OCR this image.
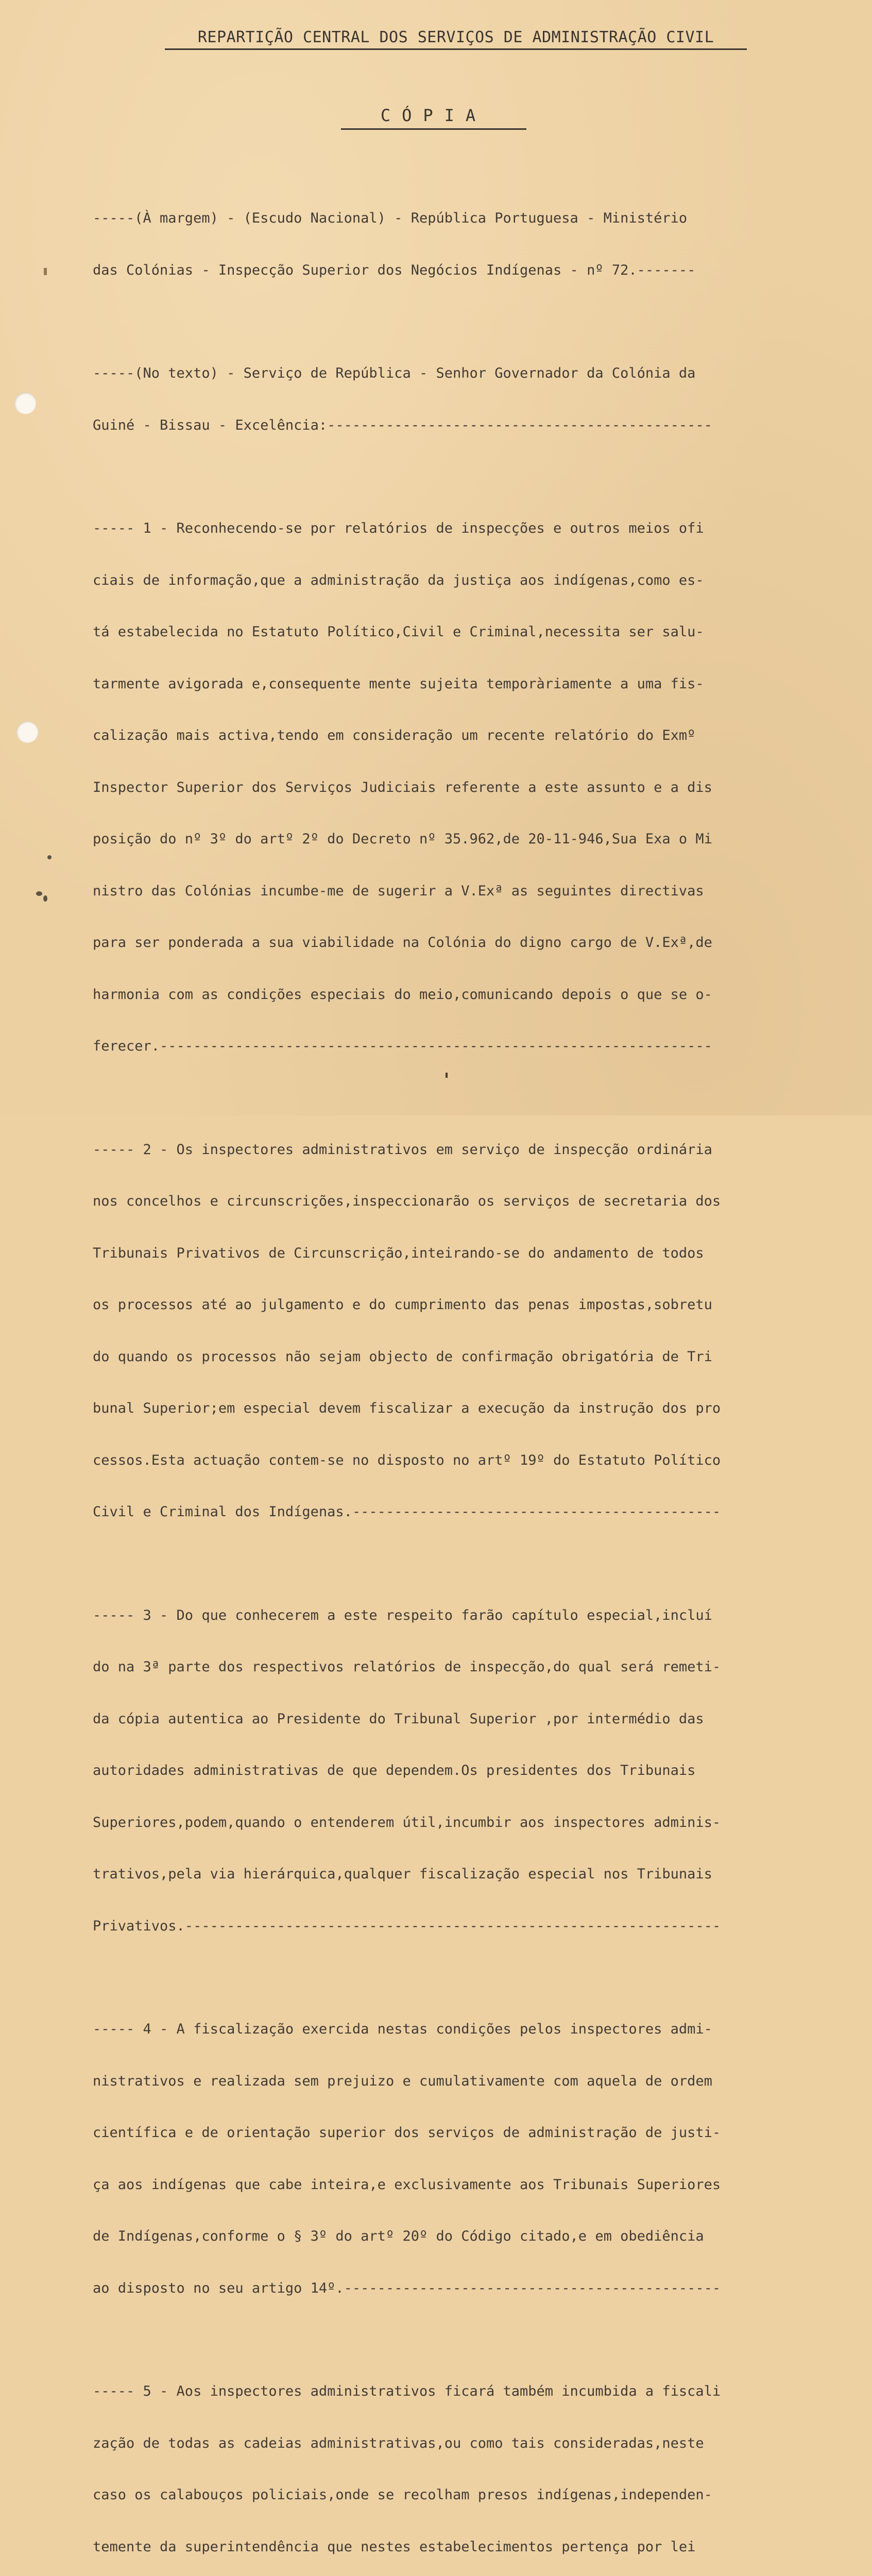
REPARTIÇÃO CENTRAL DOS SERVIÇOS DE ADMINISTRAÇÃO CIVIL
CÓPIA

-----(À margem) - (Escudo Nacional) - República Portuguesa - Ministério

das Colónias - Inspecção Superior dos Negócios Indígenas - nº 72.-------

-----(No texto) - Serviço de República - Senhor Governador da Colónia da

Guiné - Bissau - Excelência:----------------------------------------------

----- 1 - Reconhecendo-se por relatórios de inspecções e outros meios ofi

ciais de informação,que a administração da justiça aos indígenas,como es-

tá estabelecida no Estatuto Político,Civil e Criminal,necessita ser salu-

tarmente avigorada e,consequente mente sujeita temporàriamente a uma fis-

calização mais activa,tendo em consideração um recente relatório do Exmº

Inspector Superior dos Serviços Judiciais referente a este assunto e a dis

posição do nº 3º do artº 2º do Decreto nº 35.962,de 20-11-946,Sua Exa o Mi

nistro das Colónias incumbe-me de sugerir a V.Exª as seguintes directivas

para ser ponderada a sua viabilidade na Colónia do digno cargo de V.Exª,de

harmonia com as condições especiais do meio,comunicando depois o que se o-

ferecer.------------------------------------------------------------------

----- 2 - Os inspectores administrativos em serviço de inspecção ordinária

nos concelhos e circunscrições,inspeccionarão os serviços de secretaria dos

Tribunais Privativos de Circunscrição,inteirando-se do andamento de todos

os processos até ao julgamento e do cumprimento das penas impostas,sobretu

do quando os processos não sejam objecto de confirmação obrigatória de Tri

bunal Superior;em especial devem fiscalizar a execução da instrução dos pro

cessos.Esta actuação contem-se no disposto no artº 19º do Estatuto Político

Civil e Criminal dos Indígenas.--------------------------------------------

----- 3 - Do que conhecerem a este respeito farão capítulo especial,incluí

do na 3ª parte dos respectivos relatórios de inspecção,do qual será remeti-

da cópia autentica ao Presidente do Tribunal Superior ,por intermédio das

autoridades administrativas de que dependem.Os presidentes dos Tribunais

Superiores,podem,quando o entenderem útil,incumbir aos inspectores adminis-

trativos,pela via hierárquica,qualquer fiscalização especial nos Tribunais

Privativos.----------------------------------------------------------------

----- 4 - A fiscalização exercida nestas condições pelos inspectores admi-

nistrativos e realizada sem prejuizo e cumulativamente com aquela de ordem

científica e de orientação superior dos serviços de administração de justi-

ça aos indígenas que cabe inteira,e exclusivamente aos Tribunais Superiores

de Indígenas,conforme o § 3º do artº 20º do Código citado,e em obediência

ao disposto no seu artigo 14º.---------------------------------------------

----- 5 - Aos inspectores administrativos ficará também incumbida a fiscali

zação de todas as cadeias administrativas,ou como tais consideradas,neste

caso os calabouços policiais,onde se recolham presos indígenas,independen-

temente da superintendência que nestes estabelecimentos pertença por lei
